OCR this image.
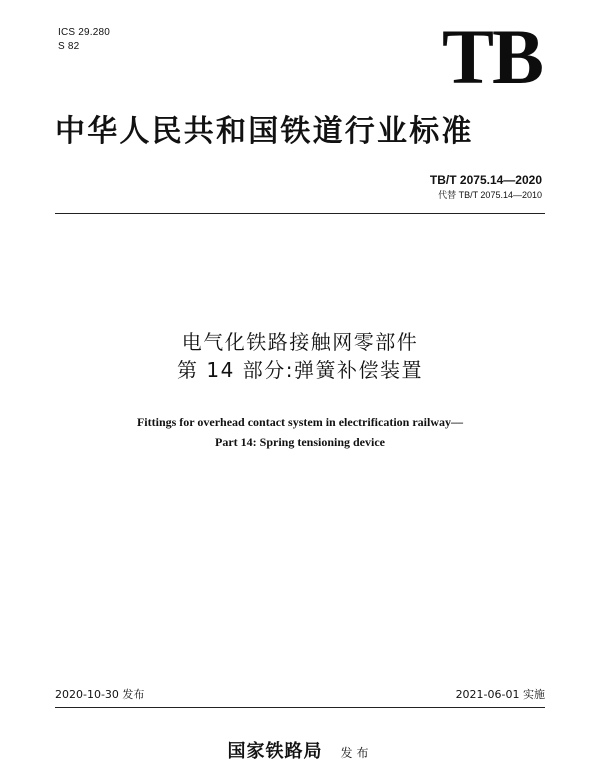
ICS 29.280
S 82	TB
中华人民共和国铁道行业标准
TB/T 2075.14—2020
代替 TB/T 2075.14—2010
电气化铁路接触网零部件
第 14 部分:弹簧补偿装置
Fittings for overhead contact system in electrification railway—
Part 14: Spring tensioning device
2020-10-30 发布	2021-06-01 实施
国家铁路局 发布
